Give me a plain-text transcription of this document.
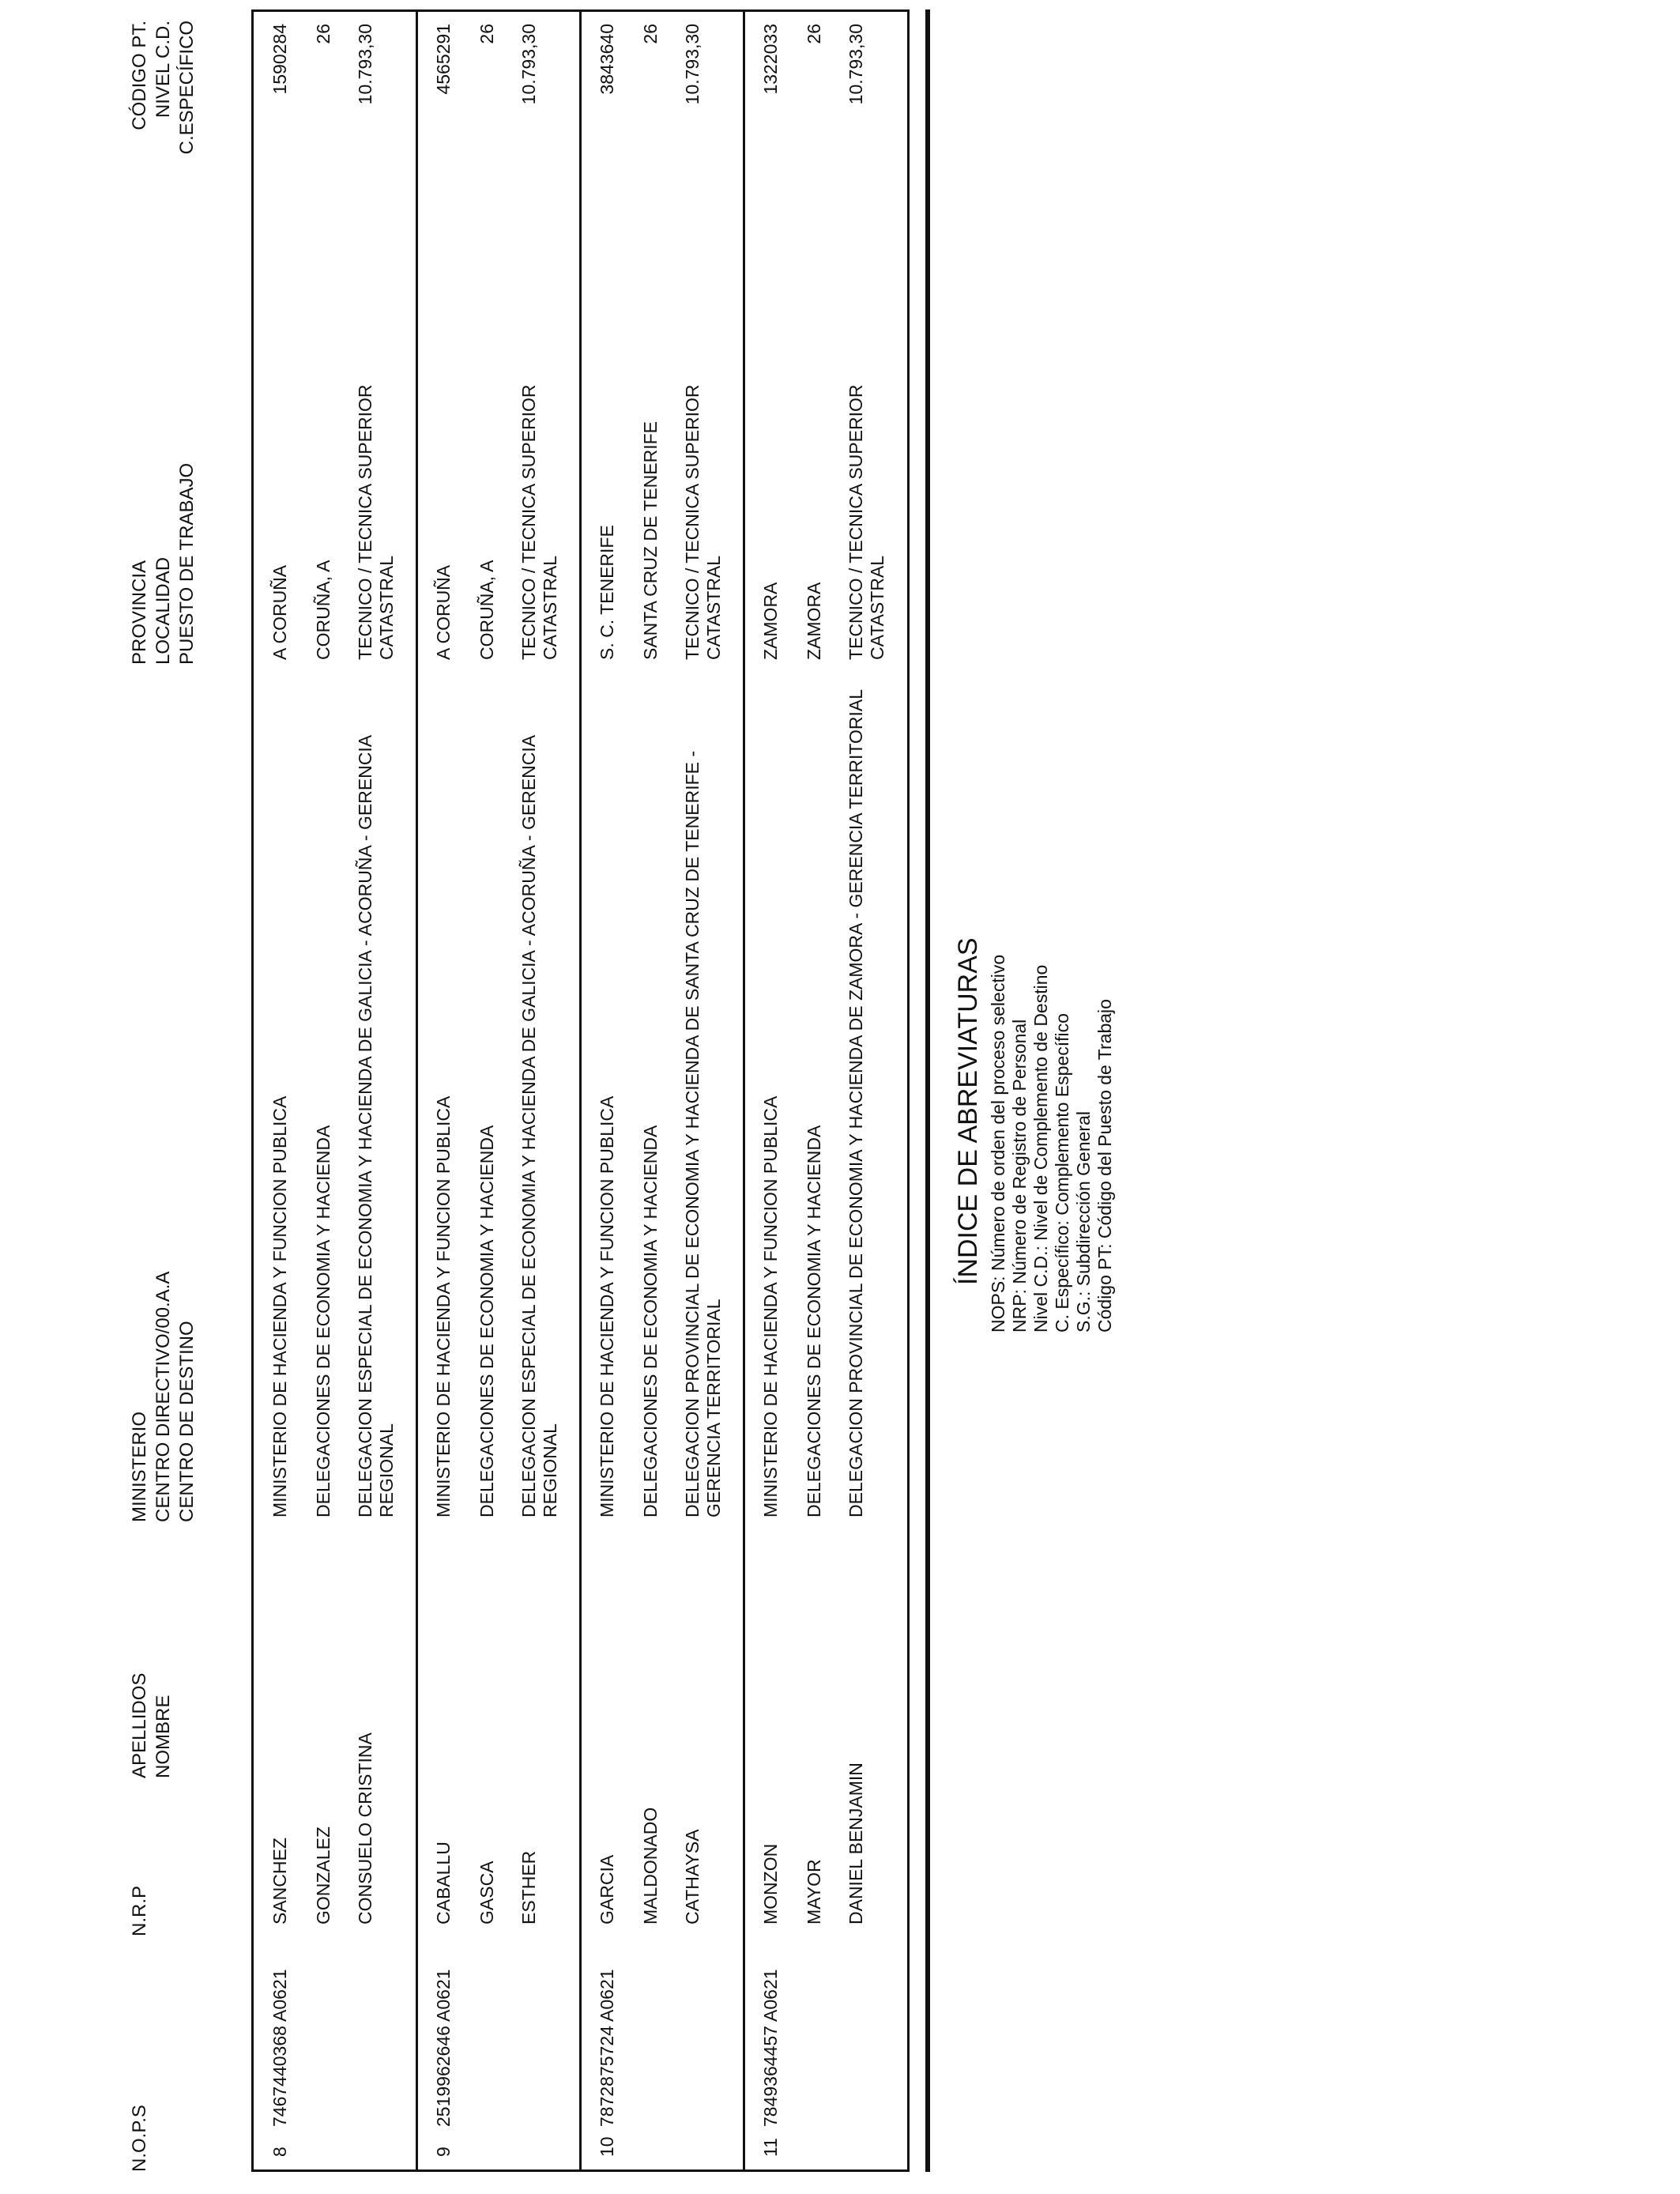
N.O.P.S
N.R.P
APELLIDOS
NOMBRE
MINISTERIO
CENTRO DIRECTIVO/00.A.A
CENTRO DE DESTINO
PROVINCIA
LOCALIDAD
PUESTO DE TRABAJO
CÓDIGO PT.
NIVEL C.D.
C.ESPECÍFICO
8
7467440368 A0621
SANCHEZ GONZALEZ CONSUELO CRISTINA
MINISTERIO DE HACIENDA Y FUNCION PUBLICA DELEGACIONES DE ECONOMIA Y HACIENDA DELEGACION ESPECIAL DE ECONOMIA Y HACIENDA DE GALICIA - ACORUÑA - GERENCIA REGIONAL
A CORUÑA CORUÑA, A TECNICO / TECNICA SUPERIOR CATASTRAL
1590284 26 10.793,30
9
2519962646 A0621
CABALLU GASCA ESTHER
MINISTERIO DE HACIENDA Y FUNCION PUBLICA DELEGACIONES DE ECONOMIA Y HACIENDA DELEGACION ESPECIAL DE ECONOMIA Y HACIENDA DE GALICIA - ACORUÑA - GERENCIA REGIONAL
A CORUÑA CORUÑA, A TECNICO / TECNICA SUPERIOR CATASTRAL
4565291 26 10.793,30
10
7872875724 A0621
GARCIA MALDONADO CATHAYSA
MINISTERIO DE HACIENDA Y FUNCION PUBLICA DELEGACIONES DE ECONOMIA Y HACIENDA DELEGACION PROVINCIAL DE ECONOMIA Y HACIENDA DE SANTA CRUZ DE TENERIFE - GERENCIA TERRITORIAL
S. C. TENERIFE SANTA CRUZ DE TENERIFE TECNICO / TECNICA SUPERIOR CATASTRAL
3843640 26 10.793,30
11
7849364457 A0621
MONZON MAYOR DANIEL BENJAMIN
MINISTERIO DE HACIENDA Y FUNCION PUBLICA DELEGACIONES DE ECONOMIA Y HACIENDA DELEGACION PROVINCIAL DE ECONOMIA Y HACIENDA DE ZAMORA - GERENCIA TERRITORIAL
ZAMORA ZAMORA TECNICO / TECNICA SUPERIOR CATASTRAL
1322033 26 10.793,30
ÍNDICE DE ABREVIATURAS NOPS: Número de orden del proceso selectivo NRP: Número de Registro de Personal Nivel C.D.: Nivel de Complemento de Destino C. Específico: Complemento Específico S.G.: Subdirección General Código PT: Código del Puesto de Trabajo
